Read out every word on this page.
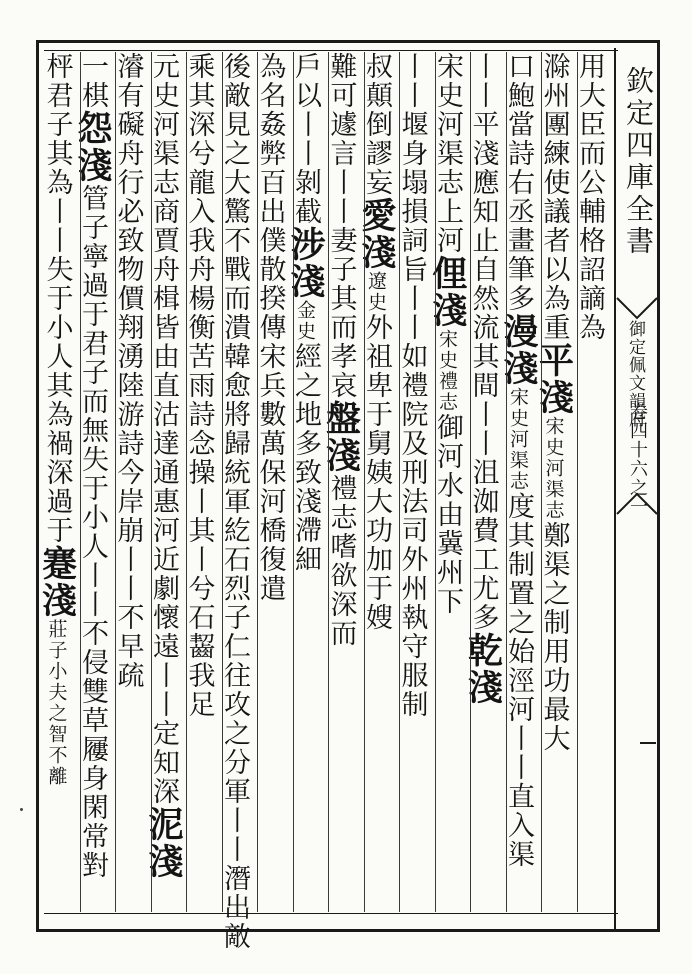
欽定四庫全書
御定佩文韻府
卷四十六之一
用大臣而公輔格詔謫為
滁州團練使議者以為重平淺宋史河渠志鄭渠之制用功最大
口鮑當詩右丞畫筆多漫淺宋史河渠志度其制置之始涇河丨丨直入渠
丨丨平淺應知止自然流其間丨丨沮洳費工尤多乾淺
宋史河渠志上河俚淺宋史禮志御河水由冀州下
丨丨堰身塌損詞旨丨丨如禮院及刑法司外州執守服制
叔顛倒謬妄愛淺遼史外祖卑于舅姨大功加于嫂
難可遽言丨丨妻子其而孝哀盤淺禮志嗜欲深而
戶以丨丨剝截涉淺金史經之地多致淺滯細
為名姦弊百出僕散揆傳宋兵數萬保河橋復遣
後敵見之大驚不戰而潰韓愈將歸統軍紇石烈子仁往攻之分軍丨丨潛出敵
乘其深兮龍入我舟楊衡苦雨詩念操丨其丨兮石齧我足
元史河渠志商賈舟楫皆由直沽達通惠河近劇懷遠丨丨定知深泥淺
濬有礙舟行必致物價翔湧陸游詩今岸崩丨丨不早疏
一棋怨淺管子寧過于君子而無失于小人丨丨不侵雙草屨身閑常對
枰君子其為丨丨失于小人其為禍深過于蹇淺莊子小夫之智不離
